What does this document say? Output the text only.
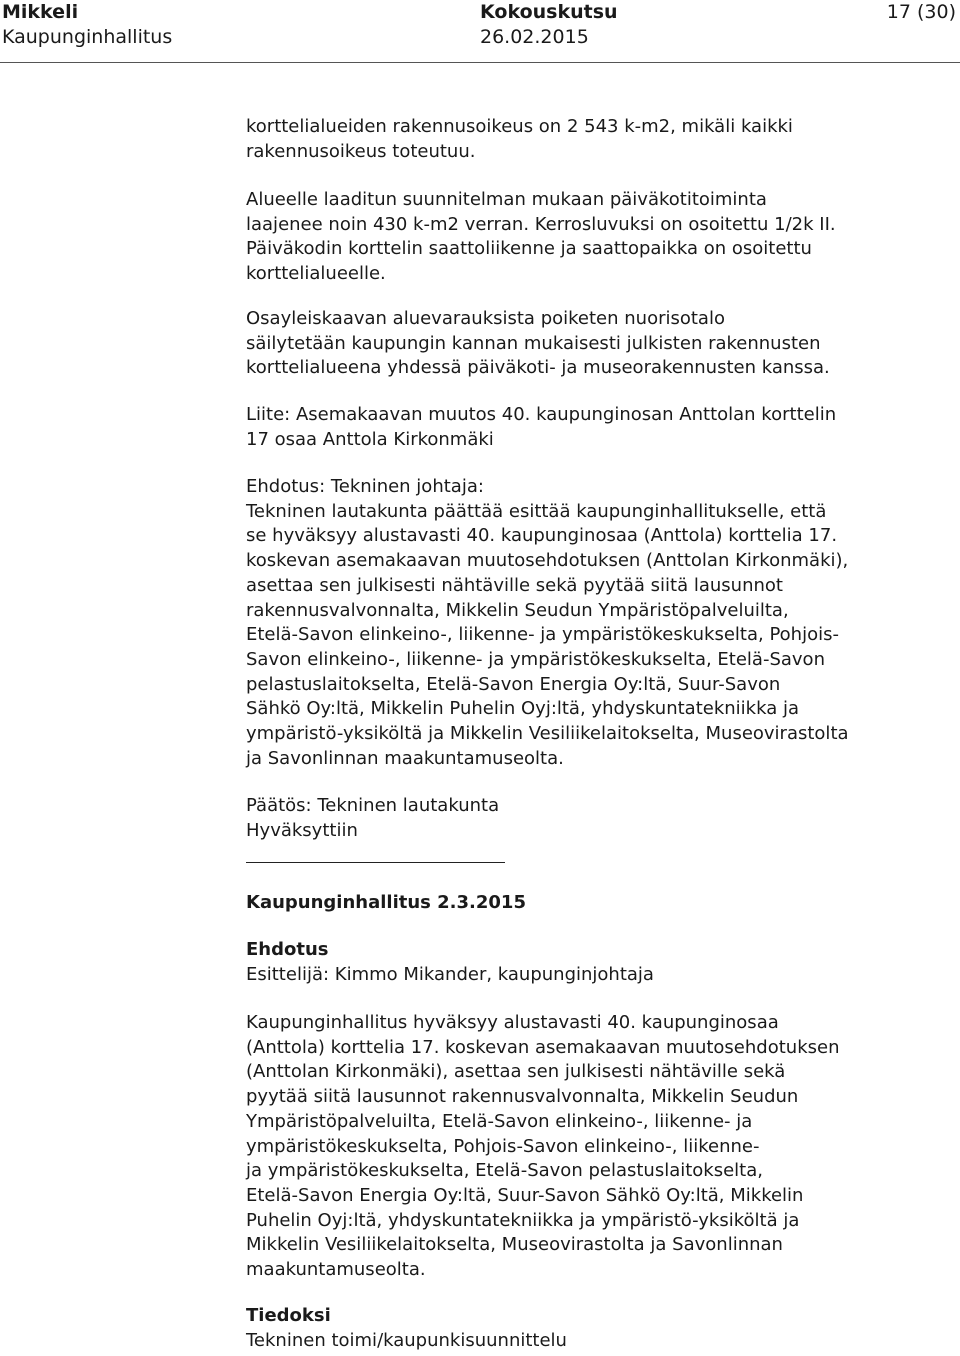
Mikkeli
Kaupunginhallitus
Kokouskutsu
26.02.2015
17 (30)
korttelialueiden rakennusoikeus on 2 543 k-m2, mikäli kaikki
rakennusoikeus toteutuu.
Alueelle laaditun suunnitelman mukaan päiväkotitoiminta
laajenee noin 430 k-m2 verran. Kerrosluvuksi on osoitettu 1/2k II.
Päiväkodin korttelin saattoliikenne ja saattopaikka on osoitettu
korttelialueelle.
Osayleiskaavan aluevarauksista poiketen nuorisotalo
säilytetään kaupungin kannan mukaisesti julkisten rakennusten
korttelialueena yhdessä päiväkoti- ja museorakennusten kanssa.
Liite: Asemakaavan muutos 40. kaupunginosan Anttolan korttelin
17 osaa Anttola Kirkonmäki
Ehdotus: Tekninen johtaja:
Tekninen lautakunta päättää esittää kaupunginhallitukselle, että
se hyväksyy alustavasti 40. kaupunginosaa (Anttola) korttelia 17.
koskevan asemakaavan muutosehdotuksen (Anttolan Kirkonmäki),
asettaa sen julkisesti nähtäville sekä pyytää siitä lausunnot
rakennusvalvonnalta, Mikkelin Seudun Ympäristöpalveluilta,
Etelä-Savon elinkeino-, liikenne- ja ympäristökeskukselta, Pohjois-
Savon elinkeino-, liikenne- ja ympäristökeskukselta, Etelä-Savon
pelastuslaitokselta, Etelä-Savon Energia Oy:ltä, Suur-Savon
Sähkö Oy:ltä, Mikkelin Puhelin Oyj:ltä, yhdyskuntatekniikka ja
ympäristö-yksiköltä ja Mikkelin Vesiliikelaitokselta, Museovirastolta
ja Savonlinnan maakuntamuseolta.
Päätös: Tekninen lautakunta
Hyväksyttiin
Kaupunginhallitus 2.3.2015
Ehdotus
Esittelijä: Kimmo Mikander, kaupunginjohtaja
Kaupunginhallitus hyväksyy alustavasti 40. kaupunginosaa
(Anttola) korttelia 17. koskevan asemakaavan muutosehdotuksen
(Anttolan Kirkonmäki), asettaa sen julkisesti nähtäville sekä
pyytää siitä lausunnot rakennusvalvonnalta, Mikkelin Seudun
Ympäristöpalveluilta, Etelä-Savon elinkeino-, liikenne- ja
ympäristökeskukselta, Pohjois-Savon elinkeino-, liikenne-
ja ympäristökeskukselta, Etelä-Savon pelastuslaitokselta,
Etelä-Savon Energia Oy:ltä, Suur-Savon Sähkö Oy:ltä, Mikkelin
Puhelin Oyj:ltä, yhdyskuntatekniikka ja ympäristö-yksiköltä ja
Mikkelin Vesiliikelaitokselta, Museovirastolta ja Savonlinnan
maakuntamuseolta.
Tiedoksi
Tekninen toimi/kaupunkisuunnittelu
